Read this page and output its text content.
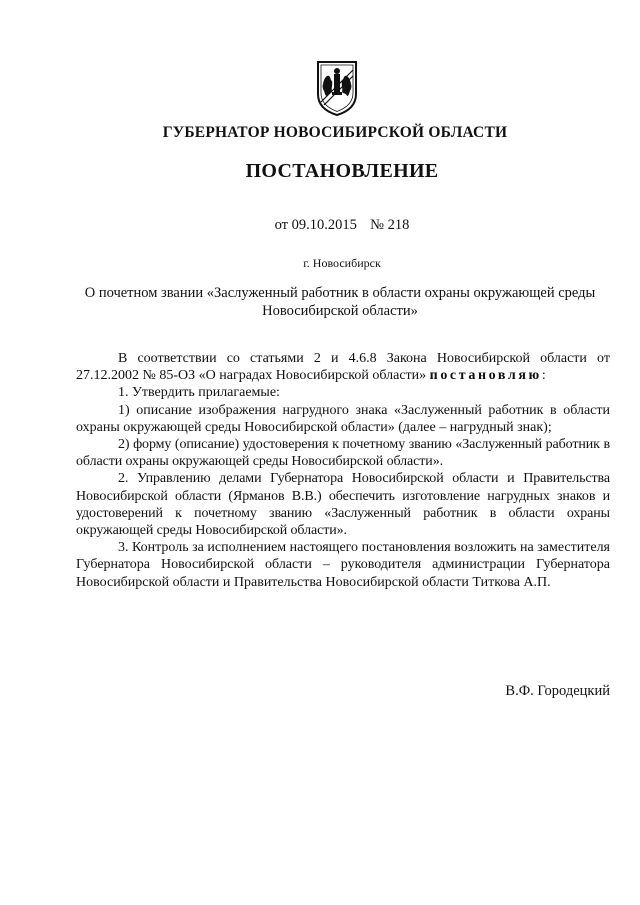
ГУБЕРНАТОР НОВОСИБИРСКОЙ ОБЛАСТИ
ПОСТАНОВЛЕНИЕ
от 09.10.2015 № 218
г. Новосибирск
О почетном звании «Заслуженный работник в области охраны окружающей среды
Новосибирской области»

В соответствии со статьями 2 и 4.6.8 Закона Новосибирской области от 27.12.2002 № 85-ОЗ «О наградах Новосибирской области» постановляю:

1. Утвердить прилагаемые:

1) описание изображения нагрудного знака «Заслуженный работник в области охраны окружающей среды Новосибирской области» (далее – нагрудный знак);

2) форму (описание) удостоверения к почетному званию «Заслуженный работник в области охраны окружающей среды Новосибирской области».

2. Управлению делами Губернатора Новосибирской области и Правительства Новосибирской области (Ярманов В.В.) обеспечить изготовление нагрудных знаков и удостоверений к почетному званию «Заслуженный работник в области охраны окружающей среды Новосибирской области».

3. Контроль за исполнением настоящего постановления возложить на заместителя Губернатора Новосибирской области – руководителя администрации Губернатора Новосибирской области и Правительства Новосибирской области Титкова А.П.

В.Ф. Городецкий
